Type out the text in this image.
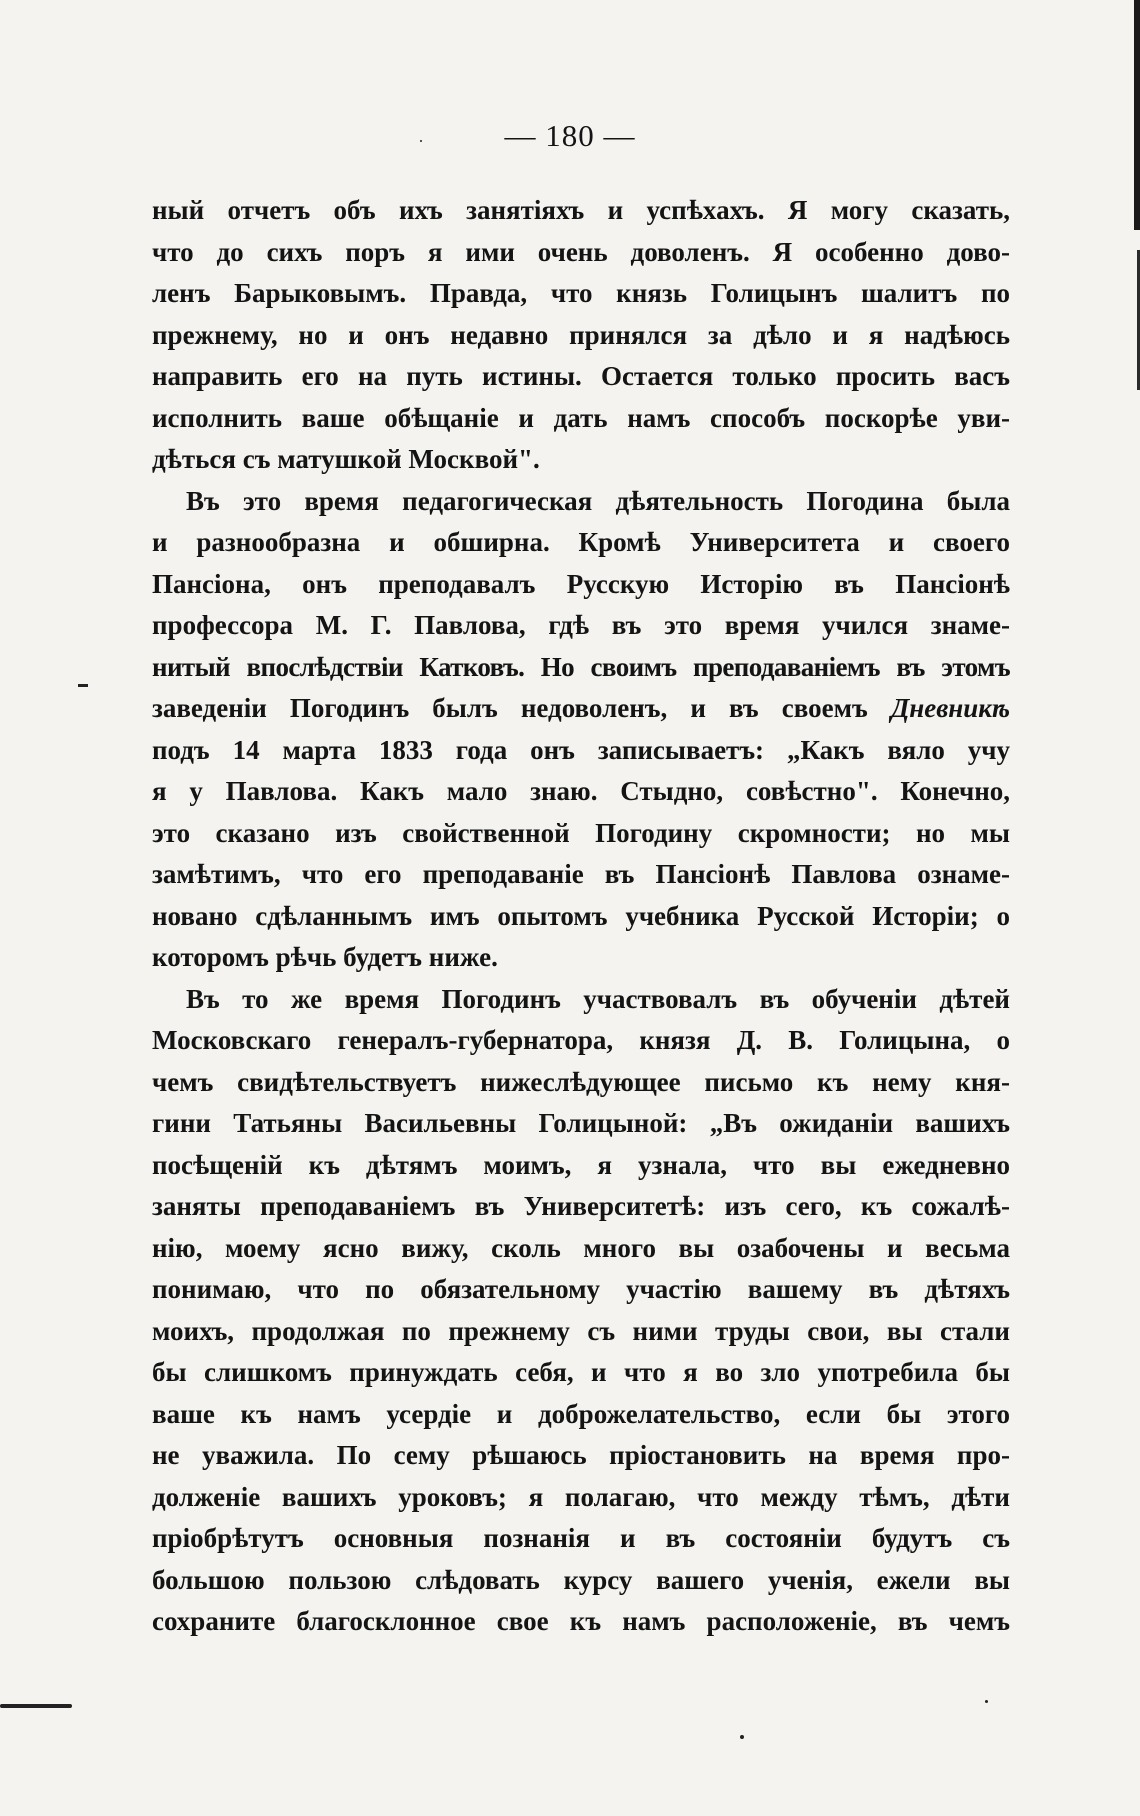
— 180 —
ный отчетъ объ ихъ занятіяхъ и успѣхахъ. Я могу сказать,
что до сихъ поръ я ими очень доволенъ. Я особенно дово-
ленъ Барыковымъ. Правда, что князь Голицынъ шалитъ по
прежнему, но и онъ недавно принялся за дѣло и я надѣюсь
направить его на путь истины. Остается только просить васъ
исполнить ваше обѣщаніе и дать намъ способъ поскорѣе уви-
дѣться съ матушкой Москвой".
Въ это время педагогическая дѣятельность Погодина была
и разнообразна и обширна. Кромѣ Университета и своего
Пансіона, онъ преподавалъ Русскую Исторію въ Пансіонѣ
профессора М. Г. Павлова, гдѣ въ это время учился знаме-
нитый впослѣдствіи Катковъ. Но своимъ преподаваніемъ въ этомъ
заведеніи Погодинъ былъ недоволенъ, и въ своемъ Дневникѣ
подъ 14 марта 1833 года онъ записываетъ: „Какъ вяло учу
я у Павлова. Какъ мало знаю. Стыдно, совѣстно". Конечно,
это сказано изъ свойственной Погодину скромности; но мы
замѣтимъ, что его преподаваніе въ Пансіонѣ Павлова ознаме-
новано сдѣланнымъ имъ опытомъ учебника Русской Исторіи; о
которомъ рѣчь будетъ ниже.
Въ то же время Погодинъ участвовалъ въ обученіи дѣтей
Московскаго генералъ-губернатора, князя Д. В. Голицына, о
чемъ свидѣтельствуетъ нижеслѣдующее письмо къ нему кня-
гини Татьяны Васильевны Голицыной: „Въ ожиданіи вашихъ
посѣщеній къ дѣтямъ моимъ, я узнала, что вы ежедневно
заняты преподаваніемъ въ Университетѣ: изъ сего, къ сожалѣ-
нію, моему ясно вижу, сколь много вы озабочены и весьма
понимаю, что по обязательному участію вашему въ дѣтяхъ
моихъ, продолжая по прежнему съ ними труды свои, вы стали
бы слишкомъ принуждать себя, и что я во зло употребила бы
ваше къ намъ усердіе и доброжелательство, если бы этого
не уважила. По сему рѣшаюсь пріостановить на время про-
долженіе вашихъ уроковъ; я полагаю, что между тѣмъ, дѣти
пріобрѣтутъ основныя познанія и въ состояніи будутъ съ
большою пользою слѣдовать курсу вашего ученія, ежели вы
сохраните благосклонное свое къ намъ расположеніе, въ чемъ
